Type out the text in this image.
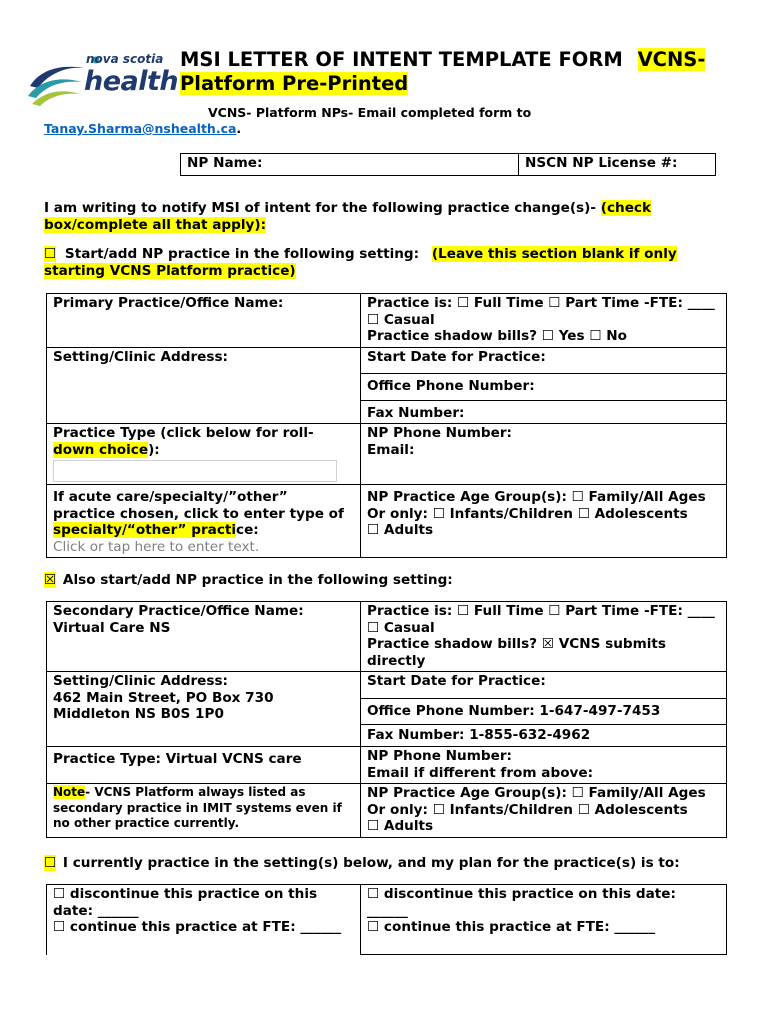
nova scotia
health
MSI LETTER OF INTENT TEMPLATE FORM VCNS-
Platform Pre-Printed
VCNS- Platform NPs- Email completed form to
Tanay.Sharma@nshealth.ca.
NP Name:	NSCN NP License #:
I am writing to notify MSI of intent for the following practice change(s)- (check box/complete all that apply):
☐ Start/add NP practice in the following setting: (Leave this section blank if only starting VCNS Platform practice)
Primary Practice/Office Name:	Practice is: ☐ Full Time ☐ Part Time -FTE: ____ ☐ Casual
Practice shadow bills? ☐ Yes ☐ No
Setting/Clinic Address:	Start Date for Practice:
	Office Phone Number:
	Fax Number:
Practice Type (click below for roll-
down choice):	NP Phone Number:
Email:
If acute care/specialty/”other” practice chosen, click to enter type of specialty/“other” practice:
Click or tap here to enter text.	NP Practice Age Group(s): ☐ Family/All Ages
Or only: ☐ Infants/Children ☐ Adolescents
☐ Adults
☒ Also start/add NP practice in the following setting:
Secondary Practice/Office Name:
Virtual Care NS	Practice is: ☐ Full Time ☐ Part Time -FTE: ____ ☐ Casual
Practice shadow bills? ☒ VCNS submits directly
Setting/Clinic Address:
462 Main Street, PO Box 730
Middleton NS B0S 1P0	Start Date for Practice:
	Office Phone Number: 1-647-497-7453
	Fax Number: 1-855-632-4962
Practice Type: Virtual VCNS care	NP Phone Number:
Email if different from above:
Note- VCNS Platform always listed as secondary practice in IMIT systems even if no other practice currently.	NP Practice Age Group(s): ☐ Family/All Ages
Or only: ☐ Infants/Children ☐ Adolescents
☐ Adults
☐ I currently practice in the setting(s) below, and my plan for the practice(s) is to:
☐ discontinue this practice on this date: ______
☐ continue this practice at FTE: ______	☐ discontinue this practice on this date: ______
☐ continue this practice at FTE: ______
